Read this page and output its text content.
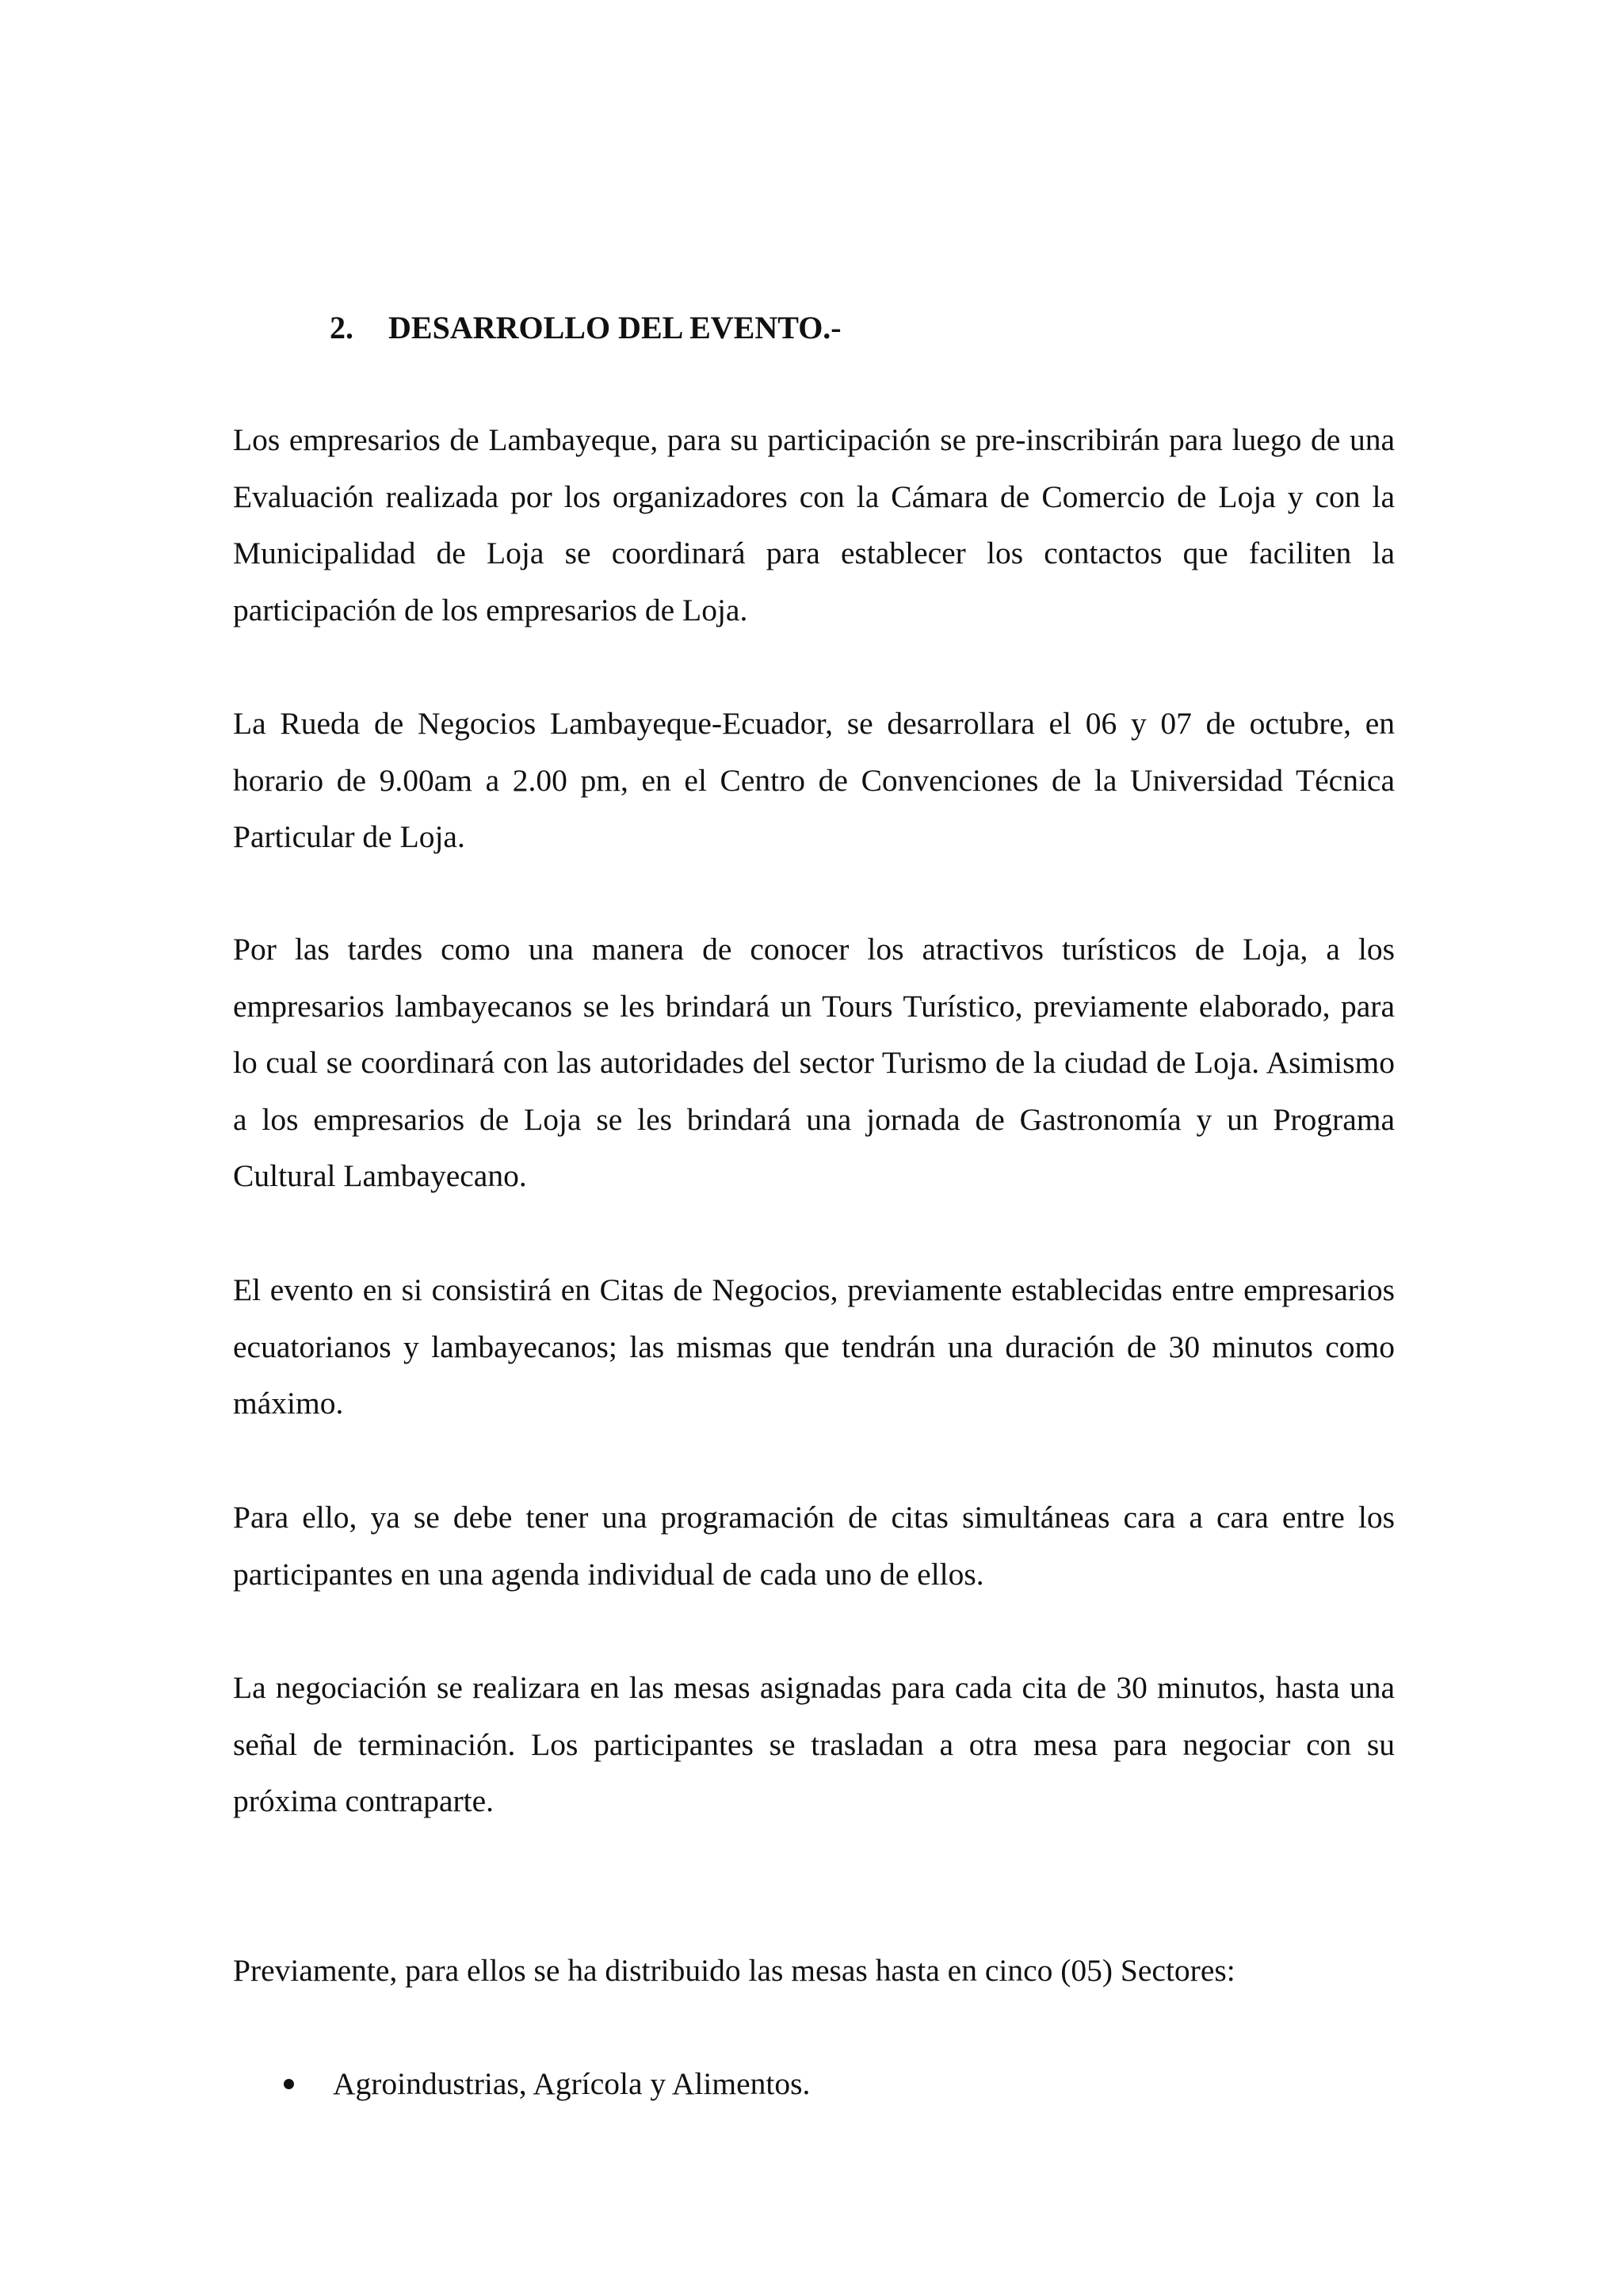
2. DESARROLLO DEL EVENTO.-

Los empresarios de Lambayeque, para su participación se pre-inscribirán para luego de una Evaluación realizada por los organizadores con la Cámara de Comercio de Loja y con la Municipalidad de Loja se coordinará para establecer los contactos que faciliten la participación de los empresarios de Loja.

La Rueda de Negocios Lambayeque-Ecuador, se desarrollara el 06 y 07 de octubre, en horario de 9.00am a 2.00 pm, en el Centro de Convenciones de la Universidad Técnica Particular de Loja.

Por las tardes como una manera de conocer los atractivos turísticos de Loja, a los empresarios lambayecanos se les brindará un Tours Turístico, previamente elaborado, para lo cual se coordinará con las autoridades del sector Turismo de la ciudad de Loja. Asimismo a los empresarios de Loja se les brindará una jornada de Gastronomía y un Programa Cultural Lambayecano.

El evento en si consistirá en Citas de Negocios, previamente establecidas entre empresarios ecuatorianos y lambayecanos; las mismas que tendrán una duración de 30 minutos como máximo.

Para ello, ya se debe tener una programación de citas simultáneas cara a cara entre los participantes en una agenda individual de cada uno de ellos.

La negociación se realizara en las mesas asignadas para cada cita de 30 minutos, hasta una señal de terminación. Los participantes se trasladan a otra mesa para negociar con su próxima contraparte.

Previamente, para ellos se ha distribuido las mesas hasta en cinco (05) Sectores:

Agroindustrias, Agrícola y Alimentos.
